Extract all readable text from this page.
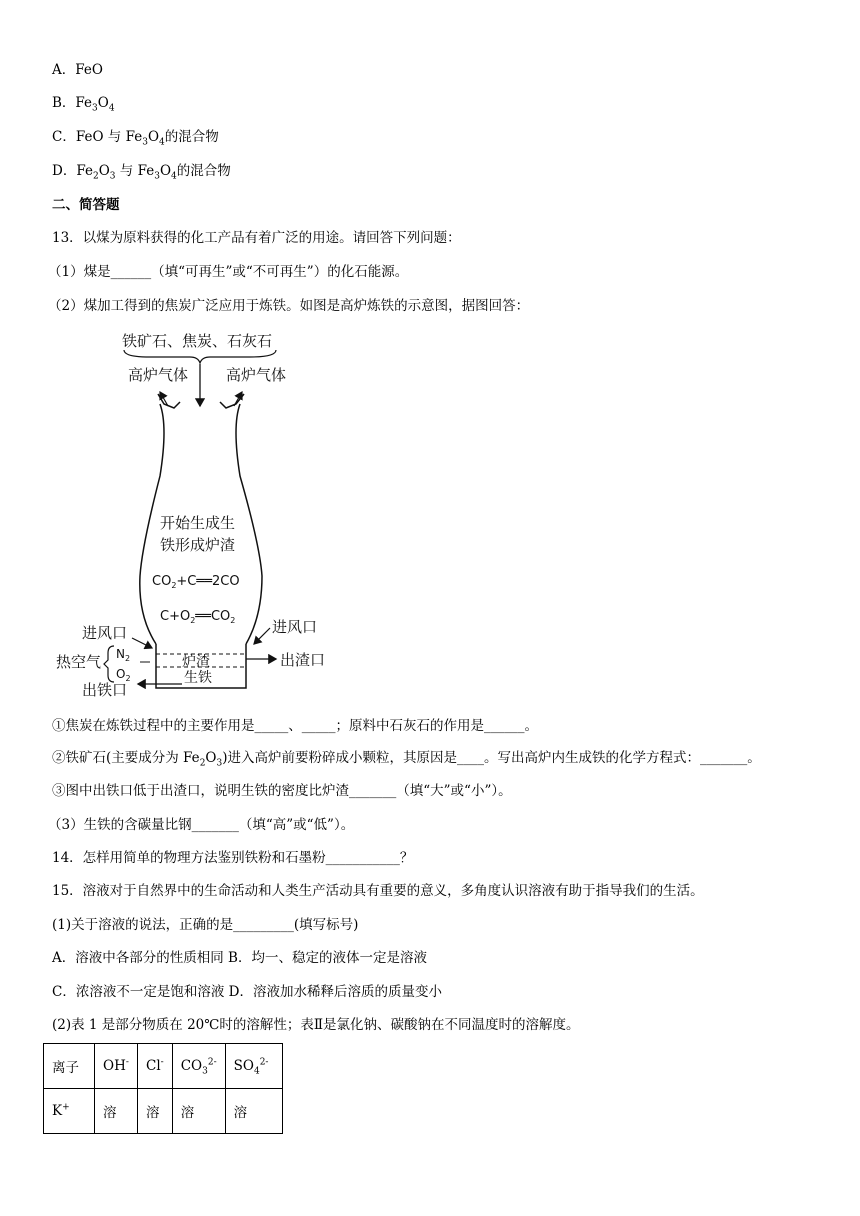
A．FeO
B．$Fe_3O_4$
C．FeO 与 $Fe_3O_4$的混合物
D．$Fe_2O_3$ 与 $Fe_3O_4$的混合物
二、简答题
13．以煤为原料获得的化工产品有着广泛的用途。请回答下列问题：
（1）煤是______（填“可再生”或“不可再生”）的化石能源。
（2）煤加工得到的焦炭广泛应用于炼铁。如图是高炉炼铁的示意图，据图回答：
铁矿石、焦炭、石灰石
高炉气体	高炉气体
开始生成生
铁形成炉渣
$CO_2+C══2CO$
$C+O_2══CO_2$
炉渣
生铁
进风口	进风口
热空气 $N_2$
$O_2$
出渣口
出铁口
①焦炭在炼铁过程中的主要作用是_____、_____；原料中石灰石的作用是______。
②铁矿石(主要成分为 $Fe_2O_3$)进入高炉前要粉碎成小颗粒，其原因是____。写出高炉内生成铁的化学方程式：_______。
③图中出铁口低于出渣口，说明生铁的密度比炉渣_______（填“大”或“小”）。
（3）生铁的含碳量比钢_______（填“高”或“低”）。
14．怎样用简单的物理方法鉴别铁粉和石墨粉___________？
15．溶液对于自然界中的生命活动和人类生产活动具有重要的意义，多角度认识溶液有助于指导我们的生活。
(1)关于溶液的说法，正确的是_________(填写标号)
A．溶液中各部分的性质相同 B．均一、稳定的液体一定是溶液
C．浓溶液不一定是饱和溶液 D．溶液加水稀释后溶质的质量变小
(2)表 1 是部分物质在 20℃时的溶解性；表Ⅱ是氯化钠、碳酸钠在不同温度时的溶解度。
离子	OH-	Cl-	$CO_3^{2-}$	$SO_4^{2-}$
K+	溶	溶	溶	溶
